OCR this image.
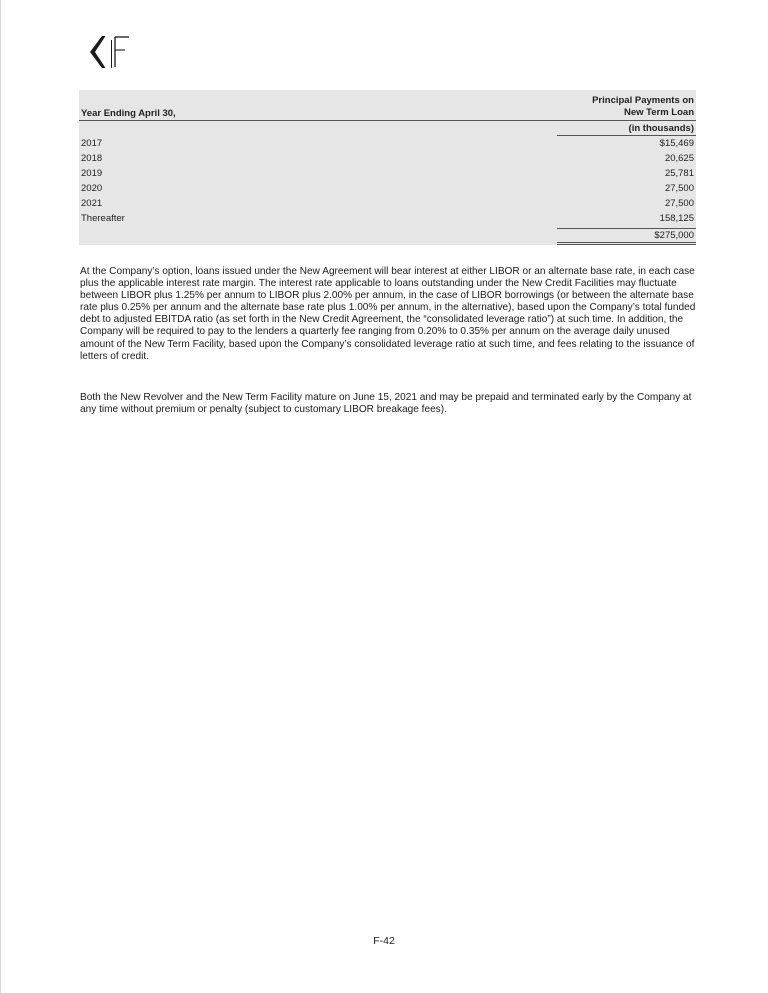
Year Ending April 30,
Principal Payments on
New Term Loan
(in thousands)
2017	$15,469
2018	20,625
2019	25,781
2020	27,500
2021	27,500
Thereafter	158,125
$275,000

At the Company’s option, loans issued under the New Agreement will bear interest at either LIBOR or an alternate base rate, in each case plus the applicable interest rate margin. The interest rate applicable to loans outstanding under the New Credit Facilities may fluctuate between LIBOR plus 1.25% per annum to LIBOR plus 2.00% per annum, in the case of LIBOR borrowings (or between the alternate base rate plus 0.25% per annum and the alternate base rate plus 1.00% per annum, in the alternative), based upon the Company’s total funded debt to adjusted EBITDA ratio (as set forth in the New Credit Agreement, the “consolidated leverage ratio”) at such time. In addition, the Company will be required to pay to the lenders a quarterly fee ranging from 0.20% to 0.35% per annum on the average daily unused amount of the New Term Facility, based upon the Company’s consolidated leverage ratio at such time, and fees relating to the issuance of letters of credit.

Both the New Revolver and the New Term Facility mature on June 15, 2021 and may be prepaid and terminated early by the Company at any time without premium or penalty (subject to customary LIBOR breakage fees).

F-42
